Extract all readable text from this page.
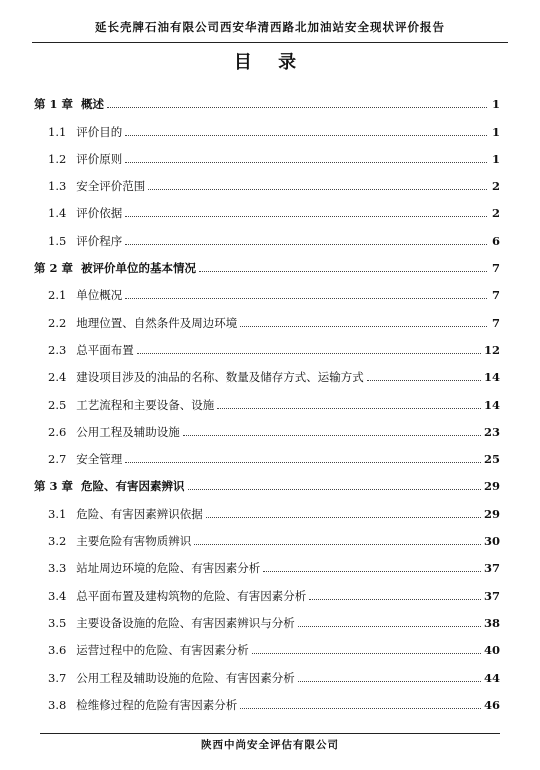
延长壳牌石油有限公司西安华清西路北加油站安全现状评价报告
目 录
第 1 章 概述	1
1.1 评价目的	1
1.2 评价原则	1
1.3 安全评价范围	2
1.4 评价依据	2
1.5 评价程序	6
第 2 章 被评价单位的基本情况	7
2.1 单位概况	7
2.2 地理位置、自然条件及周边环境	7
2.3 总平面布置	12
2.4 建设项目涉及的油品的名称、数量及储存方式、运输方式	14
2.5 工艺流程和主要设备、设施	14
2.6 公用工程及辅助设施	23
2.7 安全管理	25
第 3 章 危险、有害因素辨识	29
3.1 危险、有害因素辨识依据	29
3.2 主要危险有害物质辨识	30
3.3 站址周边环境的危险、有害因素分析	37
3.4 总平面布置及建构筑物的危险、有害因素分析	37
3.5 主要设备设施的危险、有害因素辨识与分析	38
3.6 运营过程中的危险、有害因素分析	40
3.7 公用工程及辅助设施的危险、有害因素分析	44
3.8 检维修过程的危险有害因素分析	46
陕西中尚安全评估有限公司
